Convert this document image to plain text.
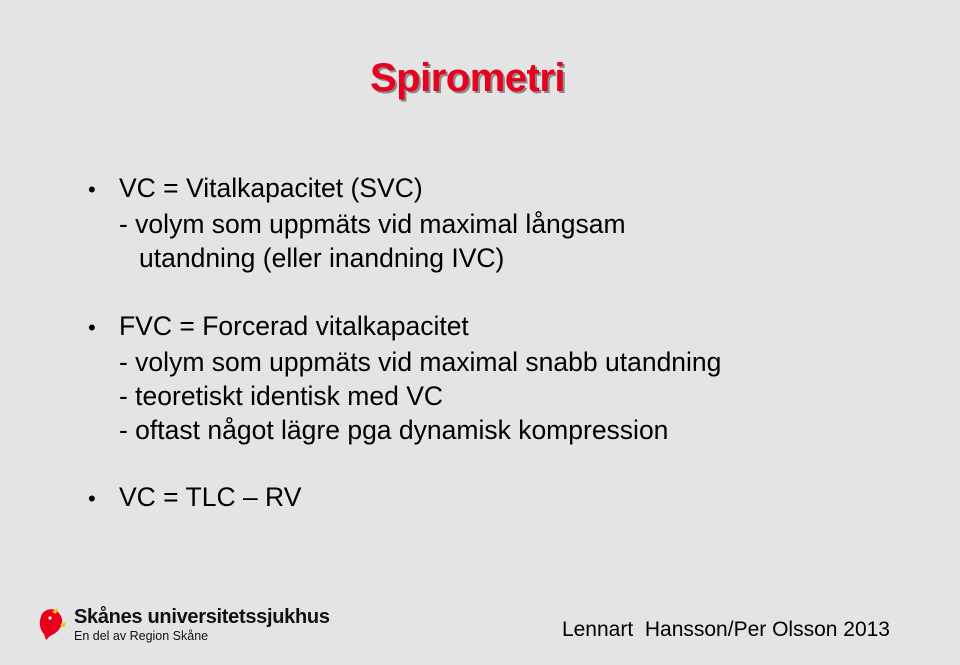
Spirometri
• VC = Vitalkapacitet (SVC)
- volym som uppmäts vid maximal långsam
utandning (eller inandning IVC)
• FVC = Forcerad vitalkapacitet
- volym som uppmäts vid maximal snabb utandning
- teoretiskt identisk med VC
- oftast något lägre pga dynamisk kompression
• VC = TLC – RV
Skånes universitetssjukhus
En del av Region Skåne	Lennart  Hansson/Per Olsson 2013
